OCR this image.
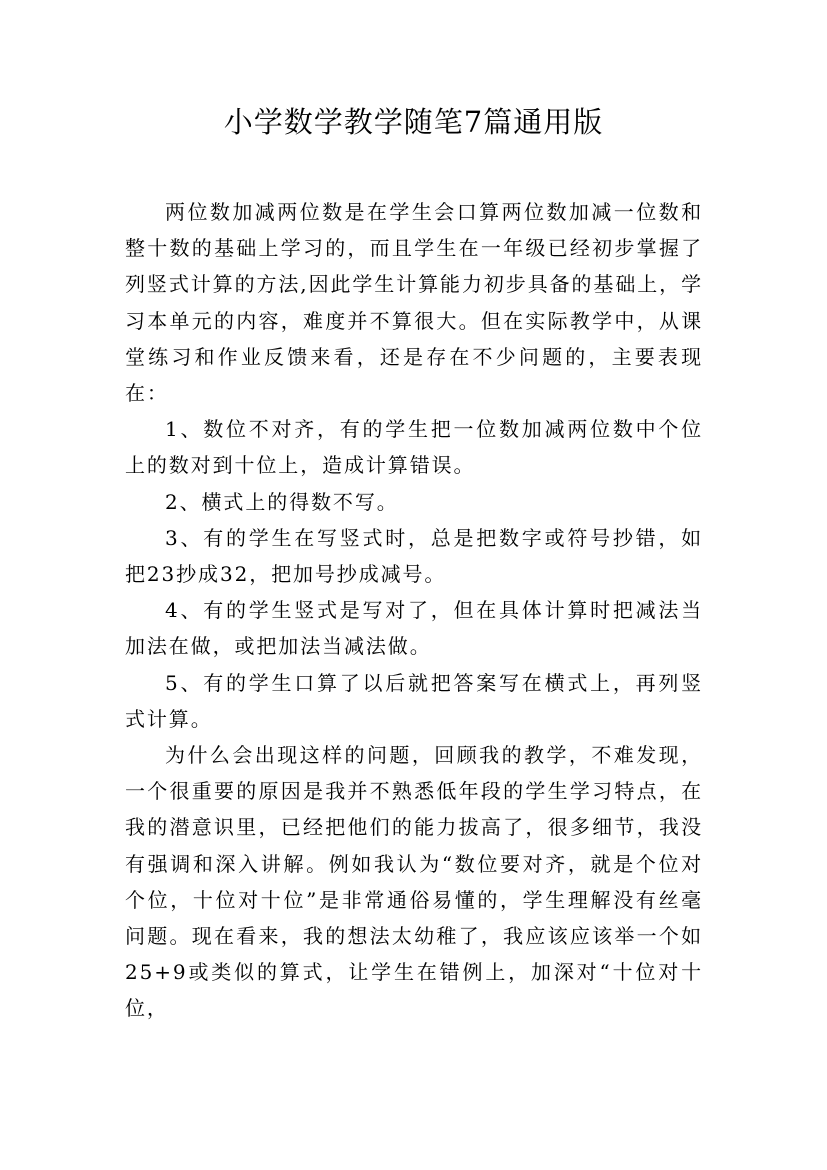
小学数学教学随笔7篇通用版

两位数加减两位数是在学生会口算两位数加减一位数和整十数的基础上学习的，而且学生在一年级已经初步掌握了列竖式计算的方法,因此学生计算能力初步具备的基础上，学习本单元的内容，难度并不算很大。但在实际教学中，从课堂练习和作业反馈来看，还是存在不少问题的，主要表现在：

1、数位不对齐，有的学生把一位数加减两位数中个位上的数对到十位上，造成计算错误。

2、横式上的得数不写。

3、有的学生在写竖式时，总是把数字或符号抄错，如把23抄成32，把加号抄成减号。

4、有的学生竖式是写对了，但在具体计算时把减法当加法在做，或把加法当减法做。

5、有的学生口算了以后就把答案写在横式上，再列竖式计算。

为什么会出现这样的问题，回顾我的教学，不难发现，一个很重要的原因是我并不熟悉低年段的学生学习特点，在我的潜意识里，已经把他们的能力拔高了，很多细节，我没有强调和深入讲解。例如我认为“数位要对齐，就是个位对个位，十位对十位”是非常通俗易懂的，学生理解没有丝毫问题。现在看来，我的想法太幼稚了，我应该应该举一个如25+9或类似的算式，让学生在错例上，加深对“十位对十位，
